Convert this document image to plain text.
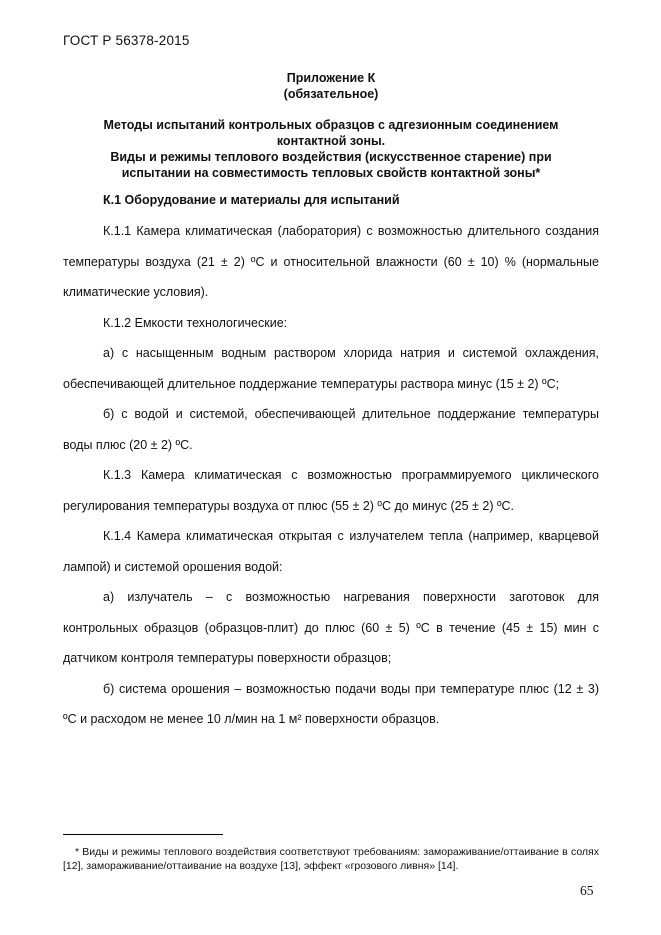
ГОСТ Р 56378-2015
Приложение К
(обязательное)
Методы испытаний контрольных образцов с адгезионным соединением
контактной зоны.
Виды и режимы теплового воздействия (искусственное старение) при
испытании на совместимость тепловых свойств контактной зоны*
К.1 Оборудование и материалы для испытаний

К.1.1 Камера климатическая (лаборатория) с возможностью длительного создания температуры воздуха (21 ± 2) ºС и относительной влажности (60 ± 10) % (нормальные климатические условия).

К.1.2 Емкости технологические:

а) с насыщенным водным раствором хлорида натрия и системой охлаждения, обеспечивающей длительное поддержание температуры раствора минус (15 ± 2) ºС;

б) с водой и системой, обеспечивающей длительное поддержание температуры воды плюс (20 ± 2) ºС.

К.1.3 Камера климатическая с возможностью программируемого циклического регулирования температуры воздуха от плюс (55 ± 2) ºС до минус (25 ± 2) ºС.

К.1.4 Камера климатическая открытая с излучателем тепла (например, кварцевой лампой) и системой орошения водой:

а) излучатель – с возможностью нагревания поверхности заготовок для контрольных образцов (образцов-плит) до плюс (60 ± 5) ºС в течение (45 ± 15) мин с датчиком контроля температуры поверхности образцов;

б) система орошения – возможностью подачи воды при температуре плюс (12 ± 3) ºС и расходом не менее 10 л/мин на 1 м² поверхности образцов.

* Виды и режимы теплового воздействия соответствуют требованиям: замораживание/оттаивание в солях [12], замораживание/оттаивание на воздухе [13], эффект «грозового ливня» [14].

65
